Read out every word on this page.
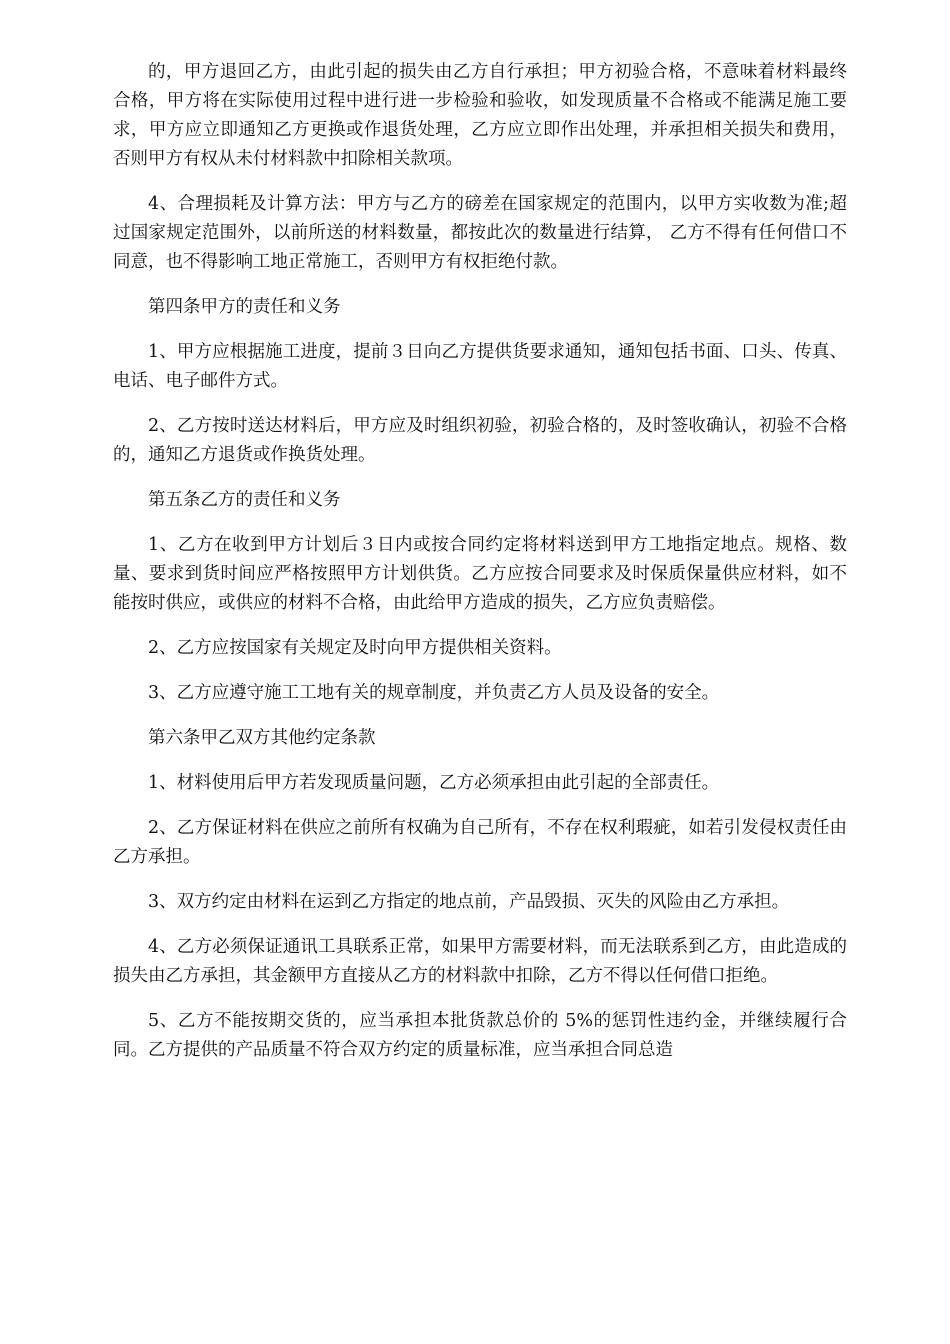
的，甲方退回乙方，由此引起的损失由乙方自行承担；甲方初验合格，不意味着材料最终合格，甲方将在实际使用过程中进行进一步检验和验收，如发现质量不合格或不能满足施工要求，甲方应立即通知乙方更换或作退货处理，乙方应立即作出处理，并承担相关损失和费用，否则甲方有权从未付材料款中扣除相关款项。

4、合理损耗及计算方法：甲方与乙方的磅差在国家规定的范围内，以甲方实收数为准;超过国家规定范围外，以前所送的材料数量，都按此次的数量进行结算， 乙方不得有任何借口不同意，也不得影响工地正常施工，否则甲方有权拒绝付款。

第四条甲方的责任和义务

1、甲方应根据施工进度，提前３日向乙方提供货要求通知，通知包括书面、口头、传真、电话、电子邮件方式。

2、乙方按时送达材料后，甲方应及时组织初验，初验合格的，及时签收确认，初验不合格的，通知乙方退货或作换货处理。

第五条乙方的责任和义务

1、乙方在收到甲方计划后３日内或按合同约定将材料送到甲方工地指定地点。规格、数量、要求到货时间应严格按照甲方计划供货。乙方应按合同要求及时保质保量供应材料，如不能按时供应，或供应的材料不合格，由此给甲方造成的损失，乙方应负责赔偿。

2、乙方应按国家有关规定及时向甲方提供相关资料。

3、乙方应遵守施工工地有关的规章制度，并负责乙方人员及设备的安全。

第六条甲乙双方其他约定条款

1、材料使用后甲方若发现质量问题，乙方必须承担由此引起的全部责任。

2、乙方保证材料在供应之前所有权确为自己所有，不存在权利瑕疵，如若引发侵权责任由乙方承担。

3、双方约定由材料在运到乙方指定的地点前，产品毁损、灭失的风险由乙方承担。

4、乙方必须保证通讯工具联系正常，如果甲方需要材料，而无法联系到乙方，由此造成的损失由乙方承担，其金额甲方直接从乙方的材料款中扣除，乙方不得以任何借口拒绝。

5、乙方不能按期交货的，应当承担本批货款总价的 5%的惩罚性违约金，并继续履行合同。乙方提供的产品质量不符合双方约定的质量标准，应当承担合同总造
